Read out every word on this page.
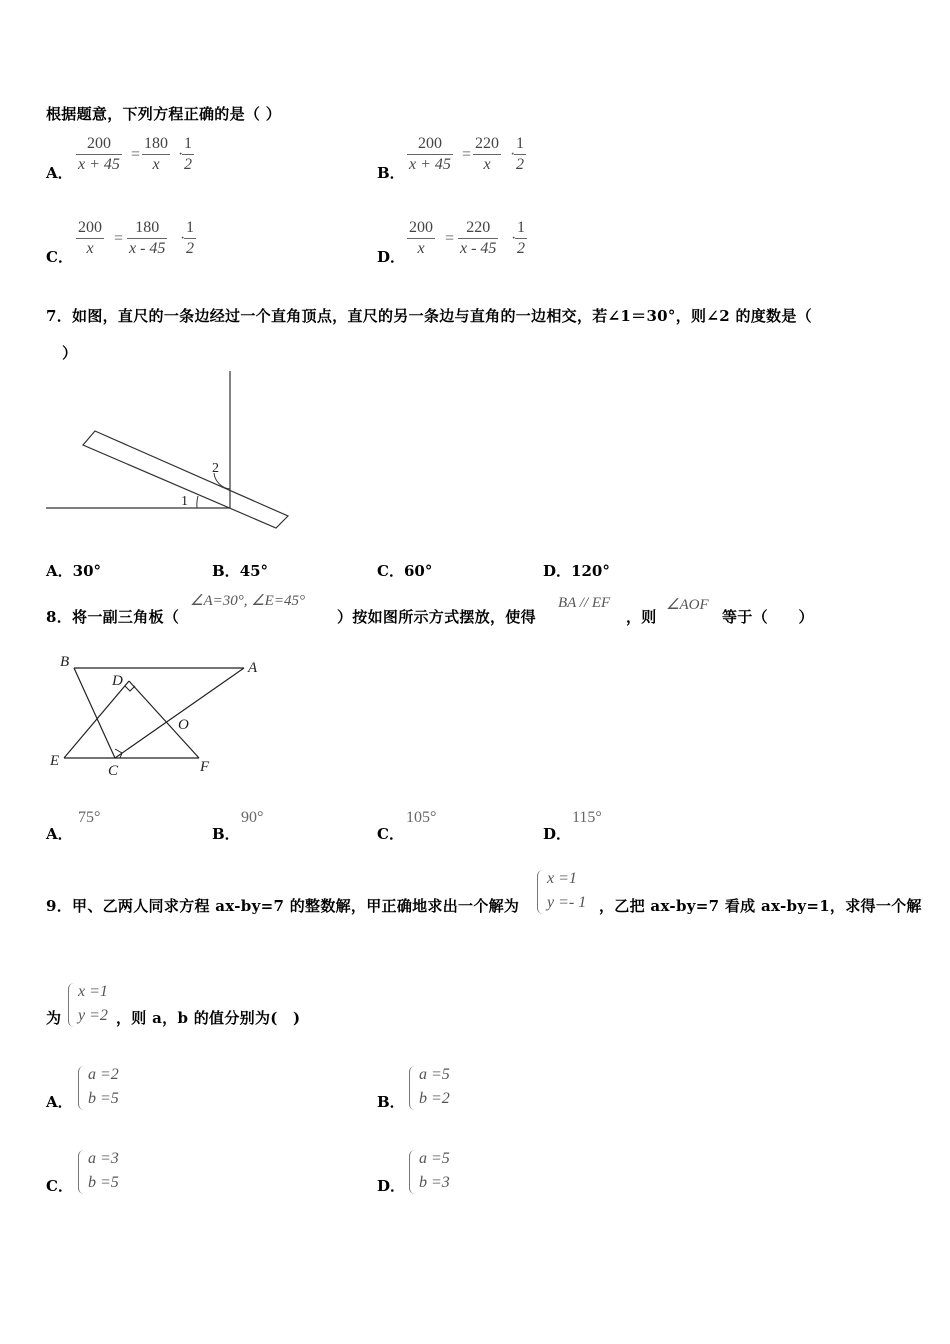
根据题意，下列方程正确的是（ ）
A． $\frac{200}{x + 45} = \frac{180}{x}$ ·
$\frac{1}{2}$	B． $\frac{200}{x + 45} = \frac{220}{x}$ ·
$\frac{1}{2}$
C． $\frac{200}{x} = \frac{180}{x - 45}$ ·
$\frac{1}{2}$	D． $\frac{200}{x} = \frac{220}{x - 45}$ ·
$\frac{1}{2}$
7．如图，直尺的一条边经过一个直角顶点，直尺的另一条边与直角的一边相交，若∠1＝30°，则∠2 的度数是（
）
1
2
A．30°	B．45°	C．60°	D．120°
8．将一副三角板（
∠A=30°, ∠E=45°
）按如图所示方式摆放，使得
BA // EF
，则
∠AOF
等于（　　）
B	A
D
O
E
C	F
A．
75°
B．
90°
C．
105°
D．
115°
9．甲、乙两人同求方程 ax-by=7 的整数解，甲正确地求出一个解为
x =1
y =- 1 ，乙把 ax-by=7 看成 ax-by=1，求得一个解
为
x =1
y =2 ，则 a，b 的值分别为(　)
A．
a =2
b =5	B．
a =5
b =2
C．
a =3
b =5	D．
a =5
b =3
